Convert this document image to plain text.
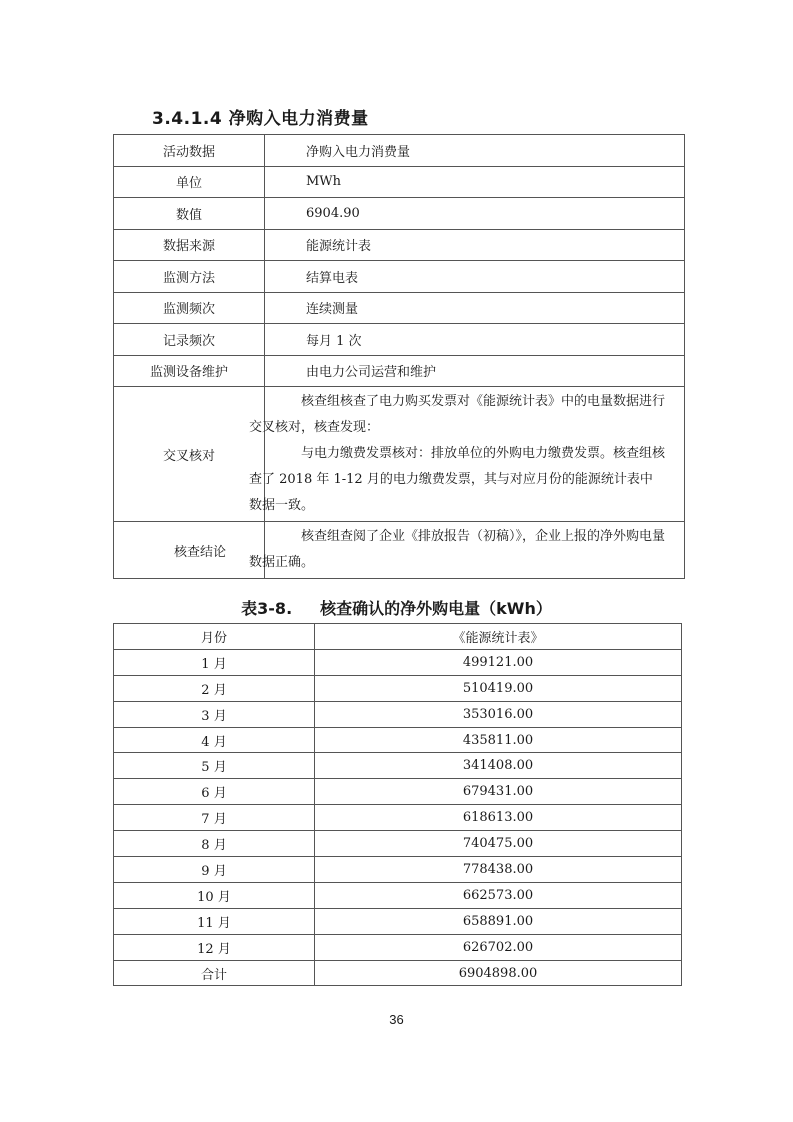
3.4.1.4 净购入电力消费量
活动数据	净购入电力消费量
单位	MWh
数值	6904.90
数据来源	能源统计表
监测方法	结算电表
监测频次	连续测量
记录频次	每月 1 次
监测设备维护	由电力公司运营和维护
交叉核对	核查组核查了电力购买发票对《能源统计表》中的电量数据进行
交叉核对，核查发现：

与电力缴费发票核对：排放单位的外购电力缴费发票。核查组核
查了 2018 年 1-12 月的电力缴费发票，其与对应月份的能源统计表中
数据一致。

核查结论	核查组查阅了企业《排放报告（初稿）》，企业上报的净外购电量
数据正确。

表3-8. 核查确认的净外购电量（kWh）
月份	《能源统计表》
1 月	499121.00
2 月	510419.00
3 月	353016.00
4 月	435811.00
5 月	341408.00
6 月	679431.00
7 月	618613.00
8 月	740475.00
9 月	778438.00
10 月	662573.00
11 月	658891.00
12 月	626702.00
合计	6904898.00
36
